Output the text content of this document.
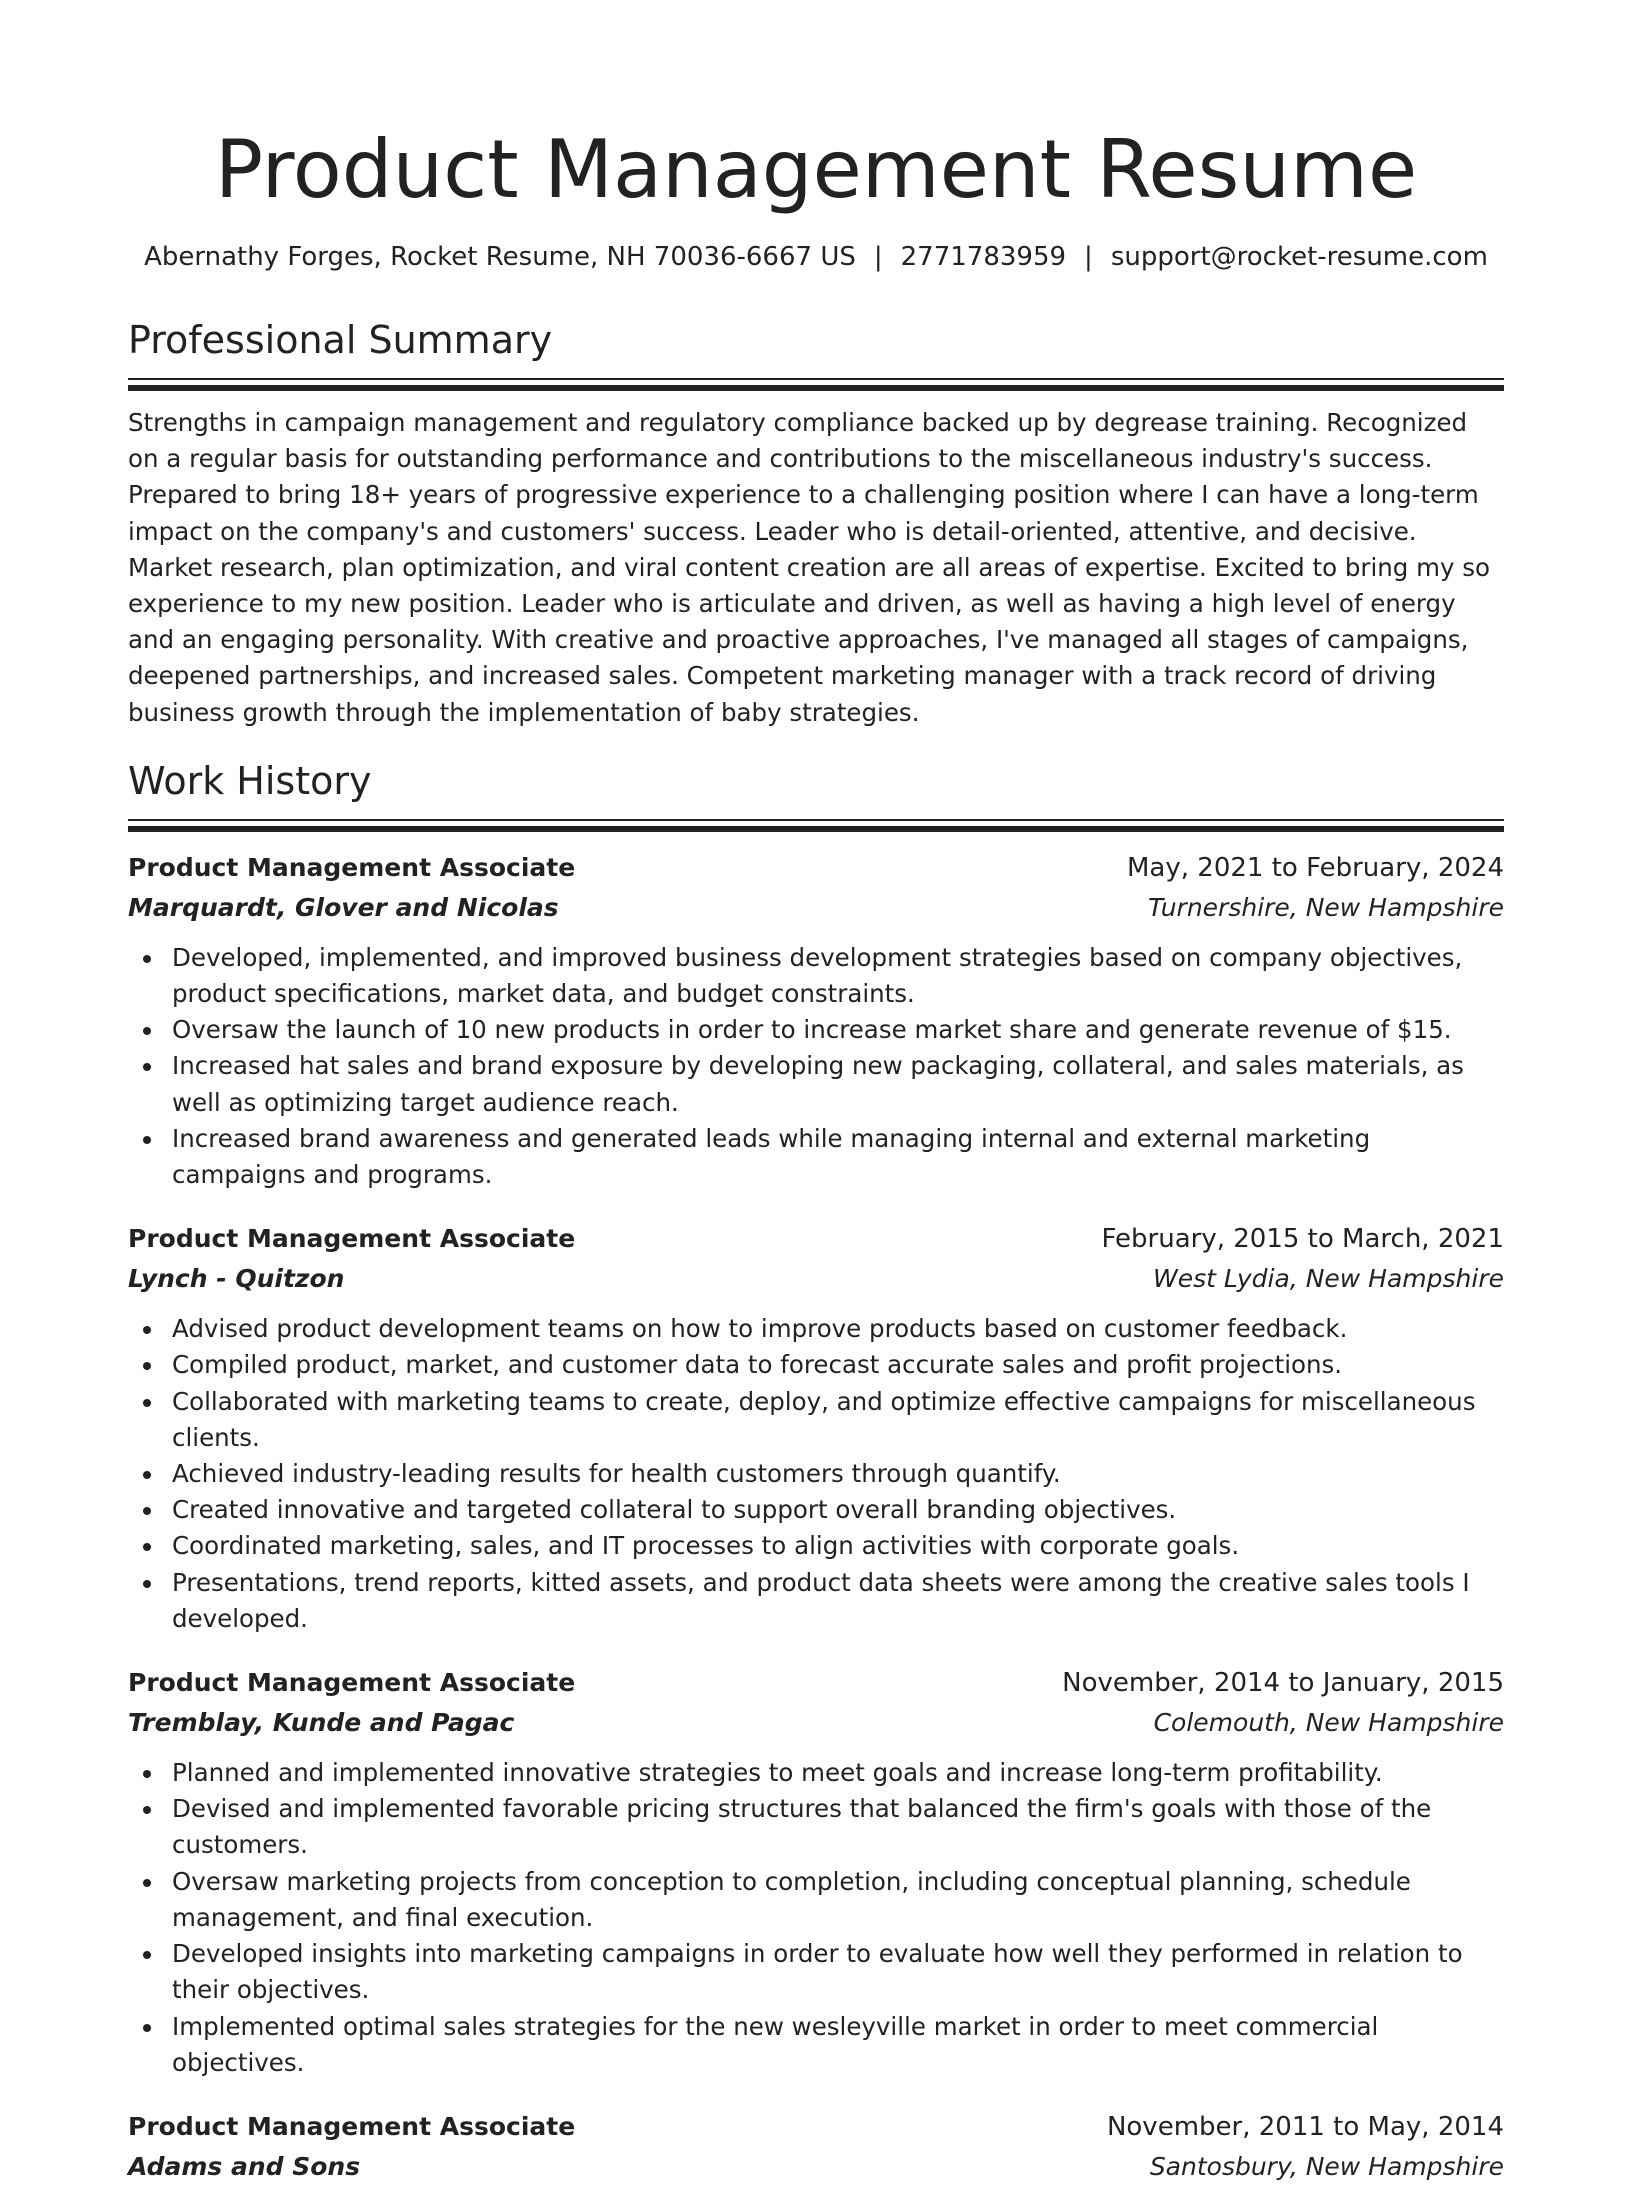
Product Management Resume
Abernathy Forges, Rocket Resume, NH 70036-6667 US | 2771783959 | support@rocket-resume.com
Professional Summary

Strengths in campaign management and regulatory compliance backed up by degrease training. Recognized on a regular basis for outstanding performance and contributions to the miscellaneous industry's success. Prepared to bring 18+ years of progressive experience to a challenging position where I can have a long-term impact on the company's and customers' success. Leader who is detail-oriented, attentive, and decisive. Market research, plan optimization, and viral content creation are all areas of expertise. Excited to bring my so experience to my new position. Leader who is articulate and driven, as well as having a high level of energy and an engaging personality. With creative and proactive approaches, I've managed all stages of campaigns, deepened partnerships, and increased sales. Competent marketing manager with a track record of driving business growth through the implementation of baby strategies.

Work History
Product Management Associate	May, 2021 to February, 2024
Marquardt, Glover and Nicolas	Turnershire, New Hampshire
Developed, implemented, and improved business development strategies based on company objectives, product specifications, market data, and budget constraints.
Oversaw the launch of 10 new products in order to increase market share and generate revenue of $15.
Increased hat sales and brand exposure by developing new packaging, collateral, and sales materials, as well as optimizing target audience reach.
Increased brand awareness and generated leads while managing internal and external marketing campaigns and programs.
Product Management Associate	February, 2015 to March, 2021
Lynch - Quitzon	West Lydia, New Hampshire
Advised product development teams on how to improve products based on customer feedback.
Compiled product, market, and customer data to forecast accurate sales and profit projections.
Collaborated with marketing teams to create, deploy, and optimize effective campaigns for miscellaneous clients.
Achieved industry-leading results for health customers through quantify.
Created innovative and targeted collateral to support overall branding objectives.
Coordinated marketing, sales, and IT processes to align activities with corporate goals.
Presentations, trend reports, kitted assets, and product data sheets were among the creative sales tools I developed.
Product Management Associate	November, 2014 to January, 2015
Tremblay, Kunde and Pagac	Colemouth, New Hampshire
Planned and implemented innovative strategies to meet goals and increase long-term profitability.
Devised and implemented favorable pricing structures that balanced the firm's goals with those of the customers.
Oversaw marketing projects from conception to completion, including conceptual planning, schedule management, and final execution.
Developed insights into marketing campaigns in order to evaluate how well they performed in relation to their objectives.
Implemented optimal sales strategies for the new wesleyville market in order to meet commercial objectives.
Product Management Associate	November, 2011 to May, 2014
Adams and Sons	Santosbury, New Hampshire
